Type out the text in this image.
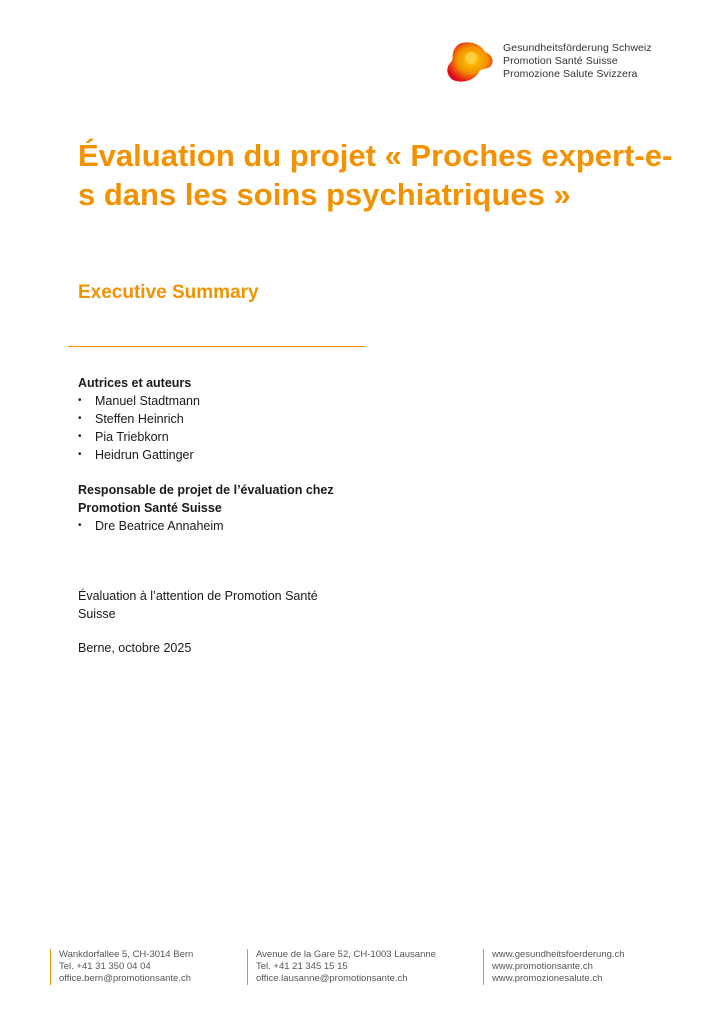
Gesundheitsförderung Schweiz
Promotion Santé Suisse
Promozione Salute Svizzera
Évaluation du projet « Proches expert-e-s dans les soins psychiatriques »
Executive Summary
Autrices et auteurs
• Manuel Stadtmann
• Steffen Heinrich
• Pia Triebkorn
• Heidrun Gattinger
Responsable de projet de l’évaluation chez
Promotion Santé Suisse
• Dre Beatrice Annaheim
Évaluation à l’attention de Promotion Santé Suisse
Berne, octobre 2025
Wankdorfallee 5, CH-3014 Bern
Tel. +41 31 350 04 04
office.bern@promotionsante.ch
Avenue de la Gare 52, CH-1003 Lausanne
Tel. +41 21 345 15 15
office.lausanne@promotionsante.ch
www.gesundheitsfoerderung.ch
www.promotionsante.ch
www.promozionesalute.ch
